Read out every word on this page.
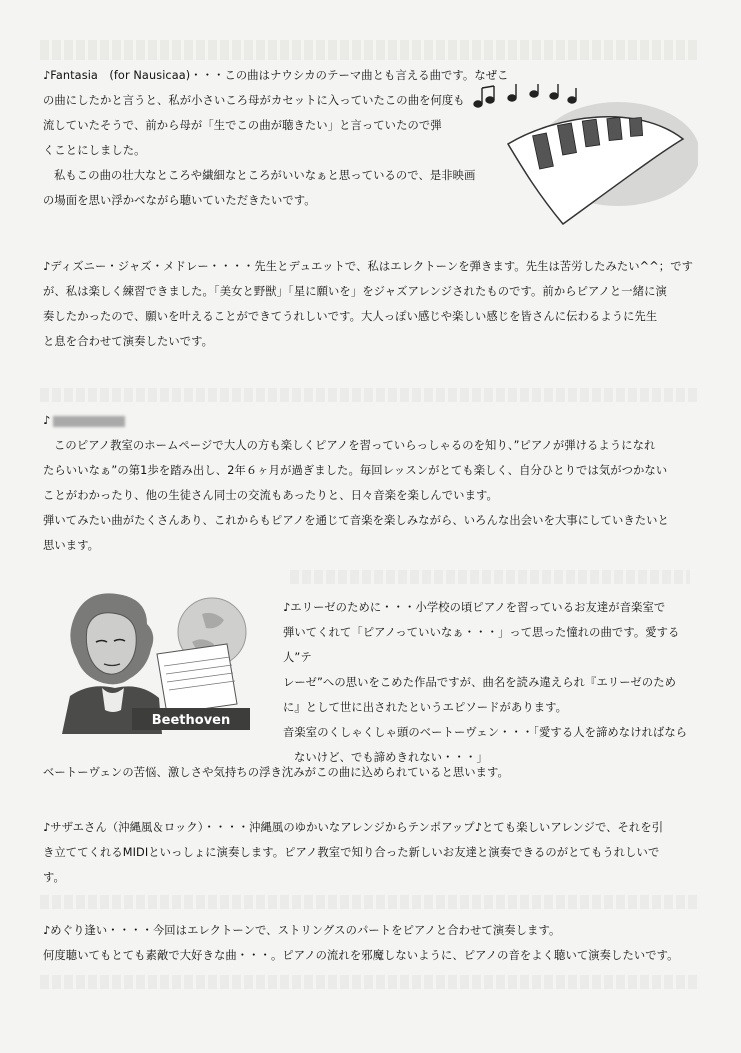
♪Fantasia　(for Nausicaa)・・・この曲はナウシカのテーマ曲とも言える曲です。なぜこ

の曲にしたかと言うと、私が小さいころ母がカセットに入っていたこの曲を何度も

流していたそうで、前から母が「生でこの曲が聴きたい」と言っていたので弾

くことにしました。

私もこの曲の壮大なところや繊細なところがいいなぁと思っているので、是非映画

の場面を思い浮かべながら聴いていただきたいです。

♪ディズニー・ジャズ・メドレー・・・・先生とデュエットで、私はエレクトーンを弾きます。先生は苦労したみたい^^；です

が、私は楽しく練習できました。「美女と野獣」「星に願いを」をジャズアレンジされたものです。前からピアノと一緒に演

奏したかったので、願いを叶えることができてうれしいです。大人っぽい感じや楽しい感じを皆さんに伝わるように先生

と息を合わせて演奏したいです。

♪

このピアノ教室のホームページで大人の方も楽しくピアノを習っていらっしゃるのを知り、”ピアノが弾けるようになれ

たらいいなぁ”の第1歩を踏み出し、2年６ヶ月が過ぎました。毎回レッスンがとても楽しく、自分ひとりでは気がつかない

ことがわかったり、他の生徒さん同士の交流もあったりと、日々音楽を楽しんでいます。

弾いてみたい曲がたくさんあり、これからもピアノを通じて音楽を楽しみながら、いろんな出会いを大事にしていきたいと

思います。

Beethoven

♪エリーゼのために・・・小学校の頃ピアノを習っているお友達が音楽室で

弾いてくれて「ピアノっていいなぁ・・・」って思った憧れの曲です。愛する人”テ

レーゼ”への思いをこめた作品ですが、曲名を読み違えられ『エリーゼのため

に』として世に出されたというエピソードがあります。

音楽室のくしゃくしゃ頭のベートーヴェン・・・「愛する人を諦めなければなら

ないけど、でも諦めきれない・・・」

ベートーヴェンの苦悩、激しさや気持ちの浮き沈みがこの曲に込められていると思います。

♪サザエさん（沖縄風＆ロック）・・・・沖縄風のゆかいなアレンジからテンポアップ♪とても楽しいアレンジで、それを引

き立ててくれるMIDIといっしょに演奏します。ピアノ教室で知り合った新しいお友達と演奏できるのがとてもうれしいで

す。

♪めぐり逢い・・・・今回はエレクトーンで、ストリングスのパートをピアノと合わせて演奏します。

何度聴いてもとても素敵で大好きな曲・・・。ピアノの流れを邪魔しないように、ピアノの音をよく聴いて演奏したいです。
